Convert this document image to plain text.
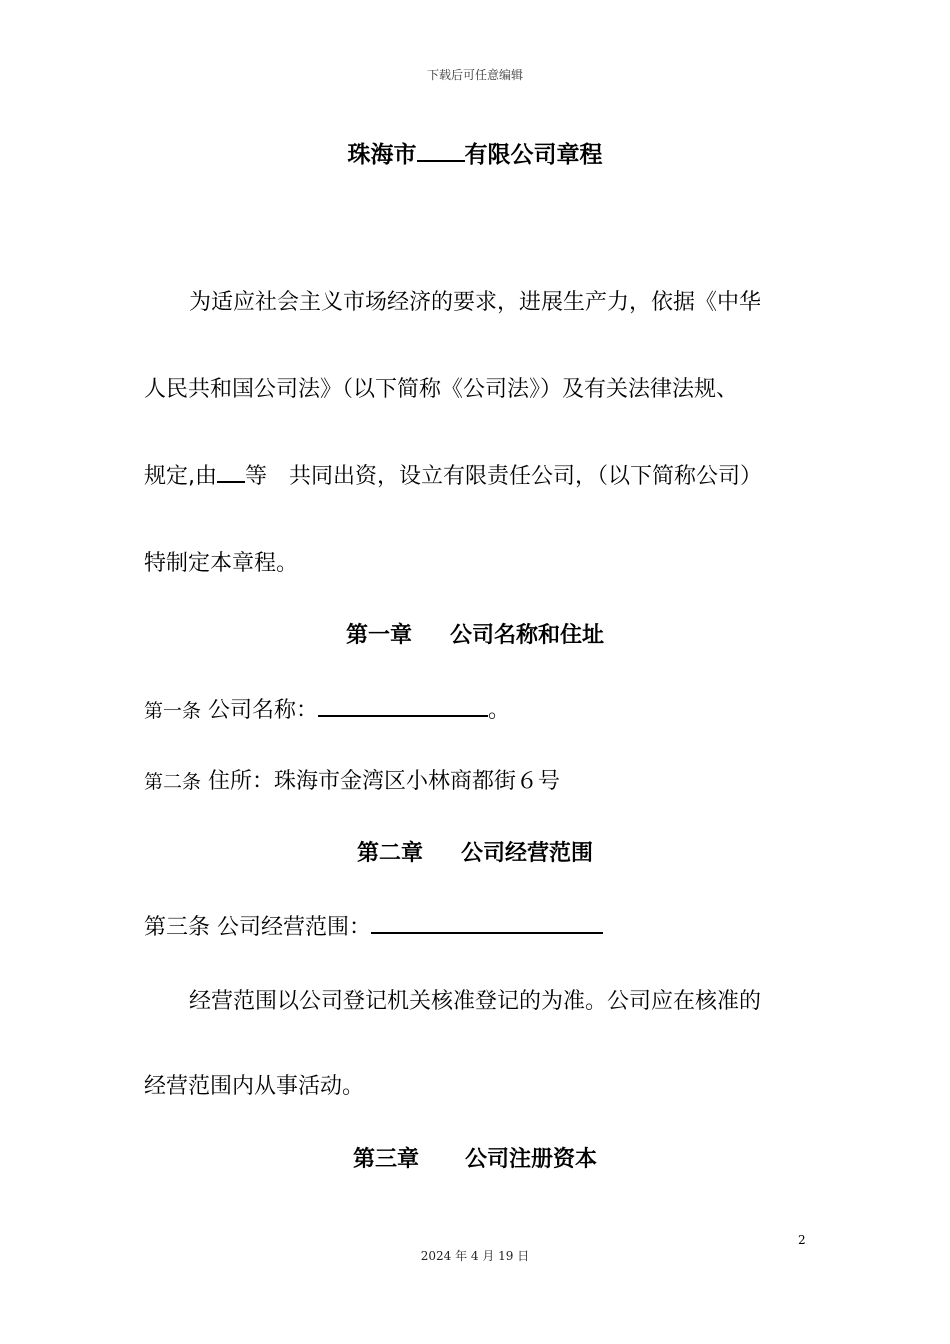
下载后可任意编辑
珠海市 有限公司章程
为适应社会主义市场经济的要求，进展生产力，依据《中华
人民共和国公司法》（以下简称《公司法》）及有关法律法规、
规定,由 等　共同出资，设立有限责任公司，（以下简称公司）
特制定本章程。
第一章 公司名称和住址
第一条 公司名称：	。
第二条 住所：珠海市金湾区小林商都街６号
第二章 公司经营范围
第三条 公司经营范围：
经营范围以公司登记机关核准登记的为准。公司应在核准的
经营范围内从事活动。
第三章 公司注册资本
2
2024 年 4 月 19 日
